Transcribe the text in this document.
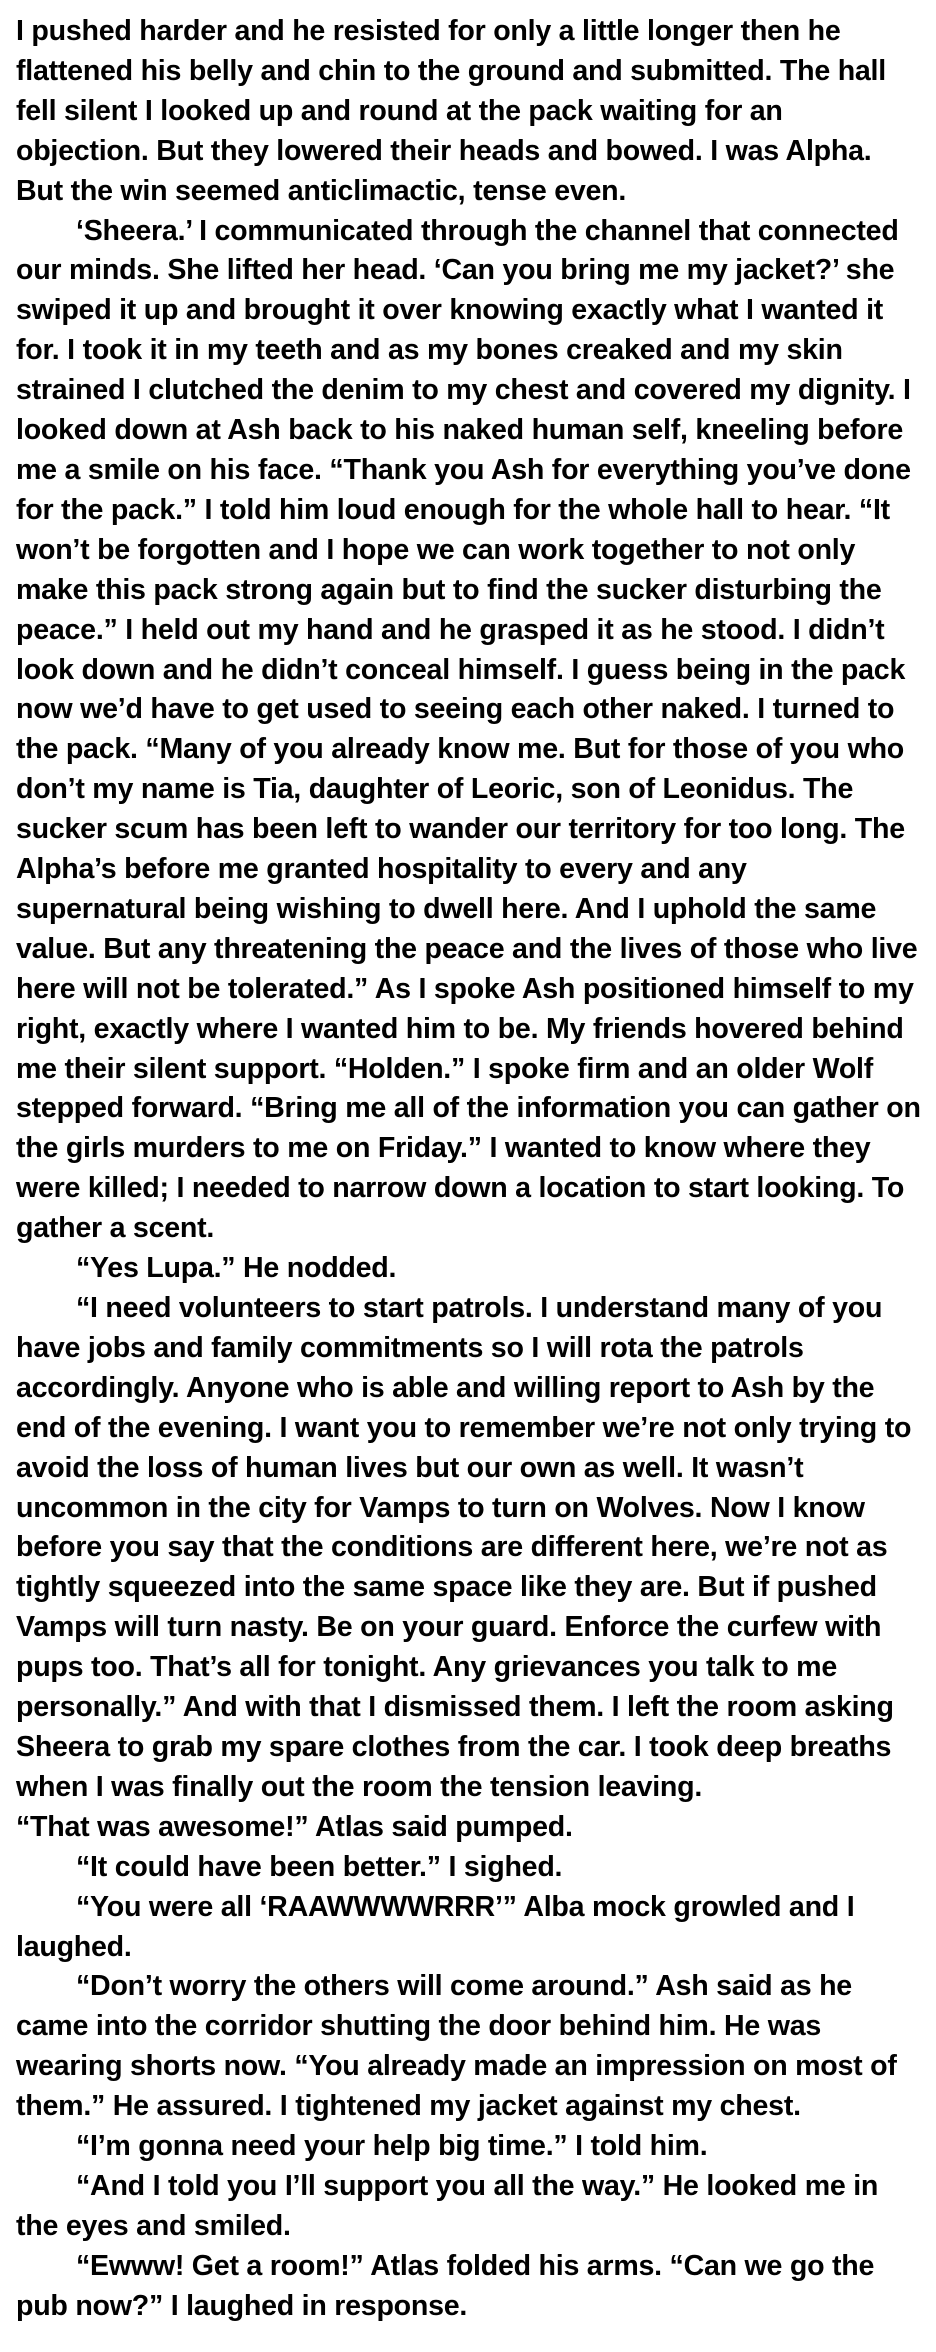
I pushed harder and he resisted for only a little longer then he flattened his belly and chin to the ground and submitted. The hall fell silent I looked up and round at the pack waiting for an objection. But they lowered their heads and bowed. I was Alpha. But the win seemed anticlimactic, tense even.

‘Sheera.’ I communicated through the channel that connected our minds. She lifted her head. ‘Can you bring me my jacket?’ she swiped it up and brought it over knowing exactly what I wanted it for. I took it in my teeth and as my bones creaked and my skin strained I clutched the denim to my chest and covered my dignity. I looked down at Ash back to his naked human self, kneeling before me a smile on his face. “Thank you Ash for everything you’ve done for the pack.” I told him loud enough for the whole hall to hear. “It won’t be forgotten and I hope we can work together to not only make this pack strong again but to find the sucker disturbing the peace.” I held out my hand and he grasped it as he stood. I didn’t look down and he didn’t conceal himself. I guess being in the pack now we’d have to get used to seeing each other naked. I turned to the pack. “Many of you already know me. But for those of you who don’t my name is Tia, daughter of Leoric, son of Leonidus. The sucker scum has been left to wander our territory for too long. The Alpha’s before me granted hospitality to every and any supernatural being wishing to dwell here. And I uphold the same value. But any threatening the peace and the lives of those who live here will not be tolerated.” As I spoke Ash positioned himself to my right, exactly where I wanted him to be. My friends hovered behind me their silent support. “Holden.” I spoke firm and an older Wolf stepped forward. “Bring me all of the information you can gather on the girls murders to me on Friday.” I wanted to know where they were killed; I needed to narrow down a location to start looking. To gather a scent.

“Yes Lupa.” He nodded.

“I need volunteers to start patrols. I understand many of you have jobs and family commitments so I will rota the patrols accordingly. Anyone who is able and willing report to Ash by the end of the evening. I want you to remember we’re not only trying to avoid the loss of human lives but our own as well. It wasn’t uncommon in the city for Vamps to turn on Wolves. Now I know before you say that the conditions are different here, we’re not as tightly squeezed into the same space like they are. But if pushed Vamps will turn nasty. Be on your guard. Enforce the curfew with pups too. That’s all for tonight. Any grievances you talk to me personally.” And with that I dismissed them. I left the room asking Sheera to grab my spare clothes from the car. I took deep breaths when I was finally out the room the tension leaving.

“That was awesome!” Atlas said pumped.

“It could have been better.” I sighed.

“You were all ‘RAAWWWWRRR’” Alba mock growled and I laughed.

“Don’t worry the others will come around.” Ash said as he came into the corridor shutting the door behind him. He was wearing shorts now. “You already made an impression on most of them.” He assured. I tightened my jacket against my chest.

“I’m gonna need your help big time.” I told him.

“And I told you I’ll support you all the way.” He looked me in the eyes and smiled.

“Ewww! Get a room!” Atlas folded his arms. “Can we go the pub now?” I laughed in response.
